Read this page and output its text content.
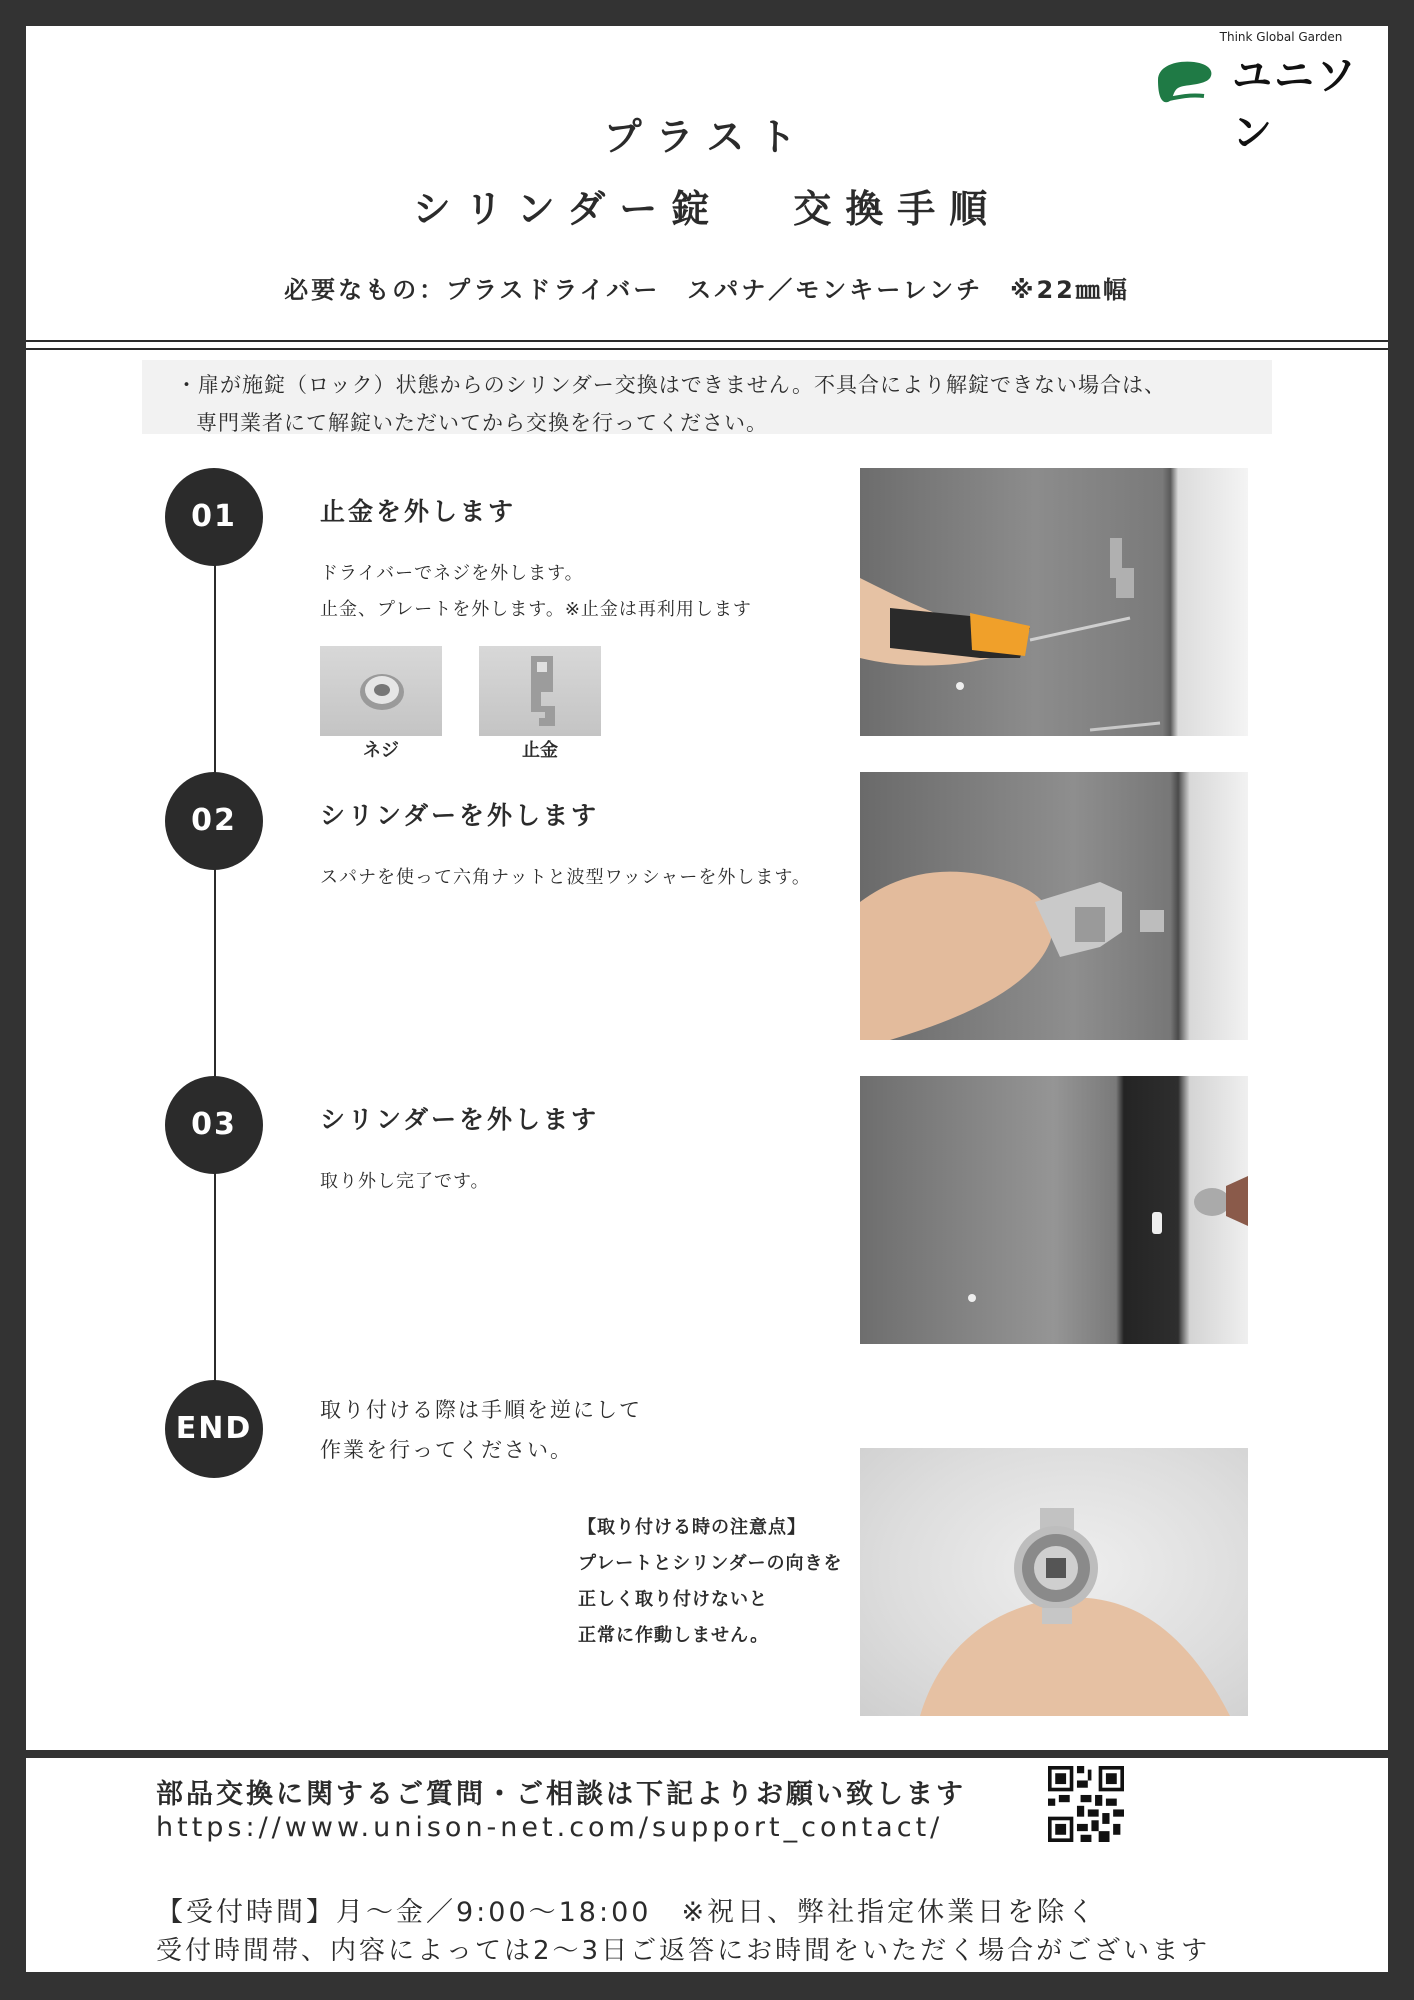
Think Global Garden
ユニソン
プラスト
シリンダー錠 交換手順
必要なもの：プラスドライバー　スパナ／モンキーレンチ　※22㎜幅
・扉が施錠（ロック）状態からのシリンダー交換はできません。不具合により解錠できない場合は、
専門業者にて解錠いただいてから交換を行ってください。
01	止金を外します
ドライバーでネジを外します。
止金、プレートを外します。※止金は再利用します
ネジ	止金
02	シリンダーを外します
スパナを使って六角ナットと波型ワッシャーを外します。
03	シリンダーを外します
取り外し完了です。
END
取り付ける際は手順を逆にして
作業を行ってください。
【取り付ける時の注意点】
プレートとシリンダーの向きを
正しく取り付けないと
正常に作動しません。
部品交換に関するご質問・ご相談は下記よりお願い致します
https://www.unison-net.com/support_contact/
【受付時間】月～金／9:00～18:00　※祝日、弊社指定休業日を除く
受付時間帯、内容によっては2～3日ご返答にお時間をいただく場合がございます
